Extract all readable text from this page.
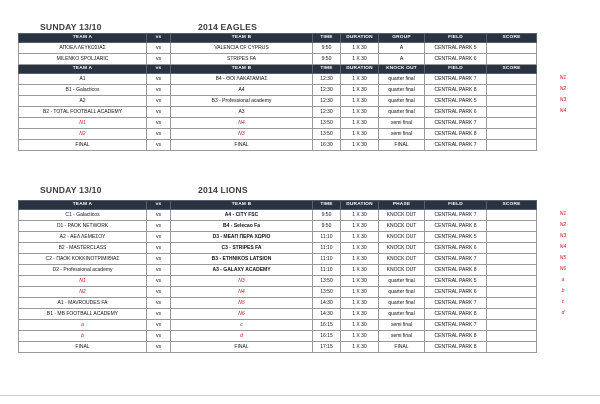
SUNDAY 13/10	2014 EAGLES
TEAM A	vs	TEAM B	TIME	DURATION	GROUP	FIELD	SCORE
ΑΠΟΕΛ ΛΕΥΚΩΣΙΑΣ	vs	VALENCIA CF CYPRUS	9:50	1 X 30	A	CENTRAL PARK 5	
MILENKO SPOLJARIC	vs	STRIPES FA	9:50	1 X 30	A	CENTRAL PARK 6	
TEAM A	vs	TEAM B	TIME	DURATION	KNOCK OUT	FIELD	SCORE
A1	vs	B4 - ΘΟΙ ΛΑΚΑΤΑΜΙΑΣ	12:30	1 X 30	quarter final	CENTRAL PARK 7	
B1 - Galacticos	vs	A4	12:30	1 X 30	quarter final	CENTRAL PARK 8	
A2	vs	B3 - Professional academy	12:30	1 X 30	quarter final	CENTRAL PARK 5	
B2 - TOTAL FOOTBALL ACADEMY	vs	A3	12:30	1 X 30	quarter final	CENTRAL PARK 6	
N1	vs	N4	13:50	1 X 30	semi final	CENTRAL PARK 7	
N2	vs	N3	13:50	1 X 30	semi final	CENTRAL PARK 8	
FINAL	vs	FINAL	16:30	1 X 30	FINAL	CENTRAL PARK 7	
N1
N2
N3
N4
SUNDAY 13/10	2014 LIONS
TEAM A	vs	TEAM B	TIME	DURATION	PHASE	FIELD	SCORE
C1 - Galacticos	vs	A4 - CITY FSC	9:50	1 X 30	KNOCK OUT	CENTRAL PARK 7	
D1 - PAOK NETWORK	vs	B4 - Selecao Fa	9:50	1 X 30	KNOCK OUT	CENTRAL PARK 8	
A2 - ΑΕΛ ΛΕΜΕΣΟΥ	vs	D3 - ΜΕΑΠ ΠΕΡΑ ΧΩΡΙΟ	11:10	1 X 30	KNOCK OUT	CENTRAL PARK 5	
B2 - MASTERCLASS	vs	C3 - STRIPES FA	11:10	1 X 30	KNOCK OUT	CENTRAL PARK 6	
C2 - ΠΑΟΚ ΚΟΚΚΙΝΟΤΡΙΜΙΘΙΑΣ	vs	B3 - ETHNIKOS LATSION	11:10	1 X 30	KNOCK OUT	CENTRAL PARK 7	
D2 - Professional academy	vs	A3 - GALAXY ACADEMY	11:10	1 X 30	KNOCK OUT	CENTRAL PARK 8	
N1	vs	N3	13:50	1 X 30	quarter final	CENTRAL PARK 5	
N2	vs	N4	13:50	1 X 30	quarter final	CENTRAL PARK 6	
A1 - MAVROUDES FA	vs	N5	14:30	1 X 30	quarter final	CENTRAL PARK 7	
B1 - MB FOOTBALL ACADEMY	vs	N6	14:30	1 X 30	quarter final	CENTRAL PARK 8	
a	vs	c	16:15	1 X 30	semi final	CENTRAL PARK 7	
b	vs	d	16:15	1 X 30	semi final	CENTRAL PARK 8	
FINAL	vs	FINAL	17:15	1 X 30	FINAL	CENTRAL PARK 8	
N1
N2
N3
N4
N5
N6
a
b
c
d
